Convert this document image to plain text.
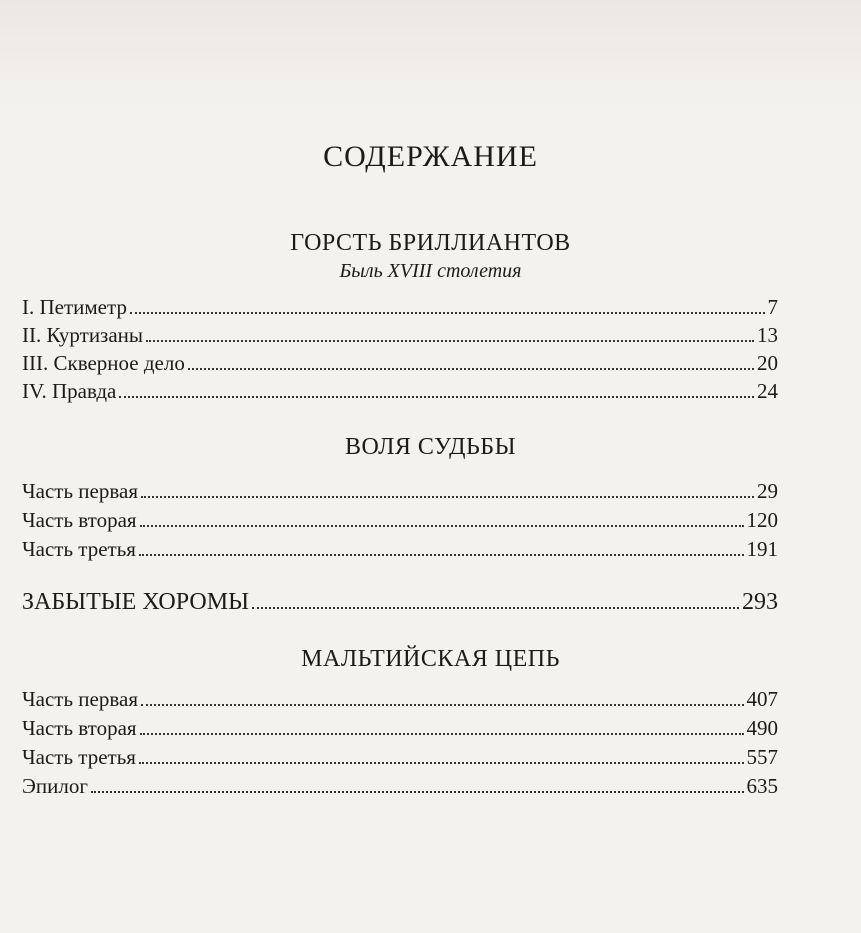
СОДЕРЖАНИЕ
ГОРСТЬ БРИЛЛИАНТОВ
Быль XVIII столетия
I. Петиметр	7
II. Куртизаны	13
III. Скверное дело	20
IV. Правда	24
ВОЛЯ СУДЬБЫ
Часть первая	29
Часть вторая	120
Часть третья	191
ЗАБЫТЫЕ ХОРОМЫ	293
МАЛЬТИЙСКАЯ ЦЕПЬ
Часть первая	407
Часть вторая	490
Часть третья	557
Эпилог	635
